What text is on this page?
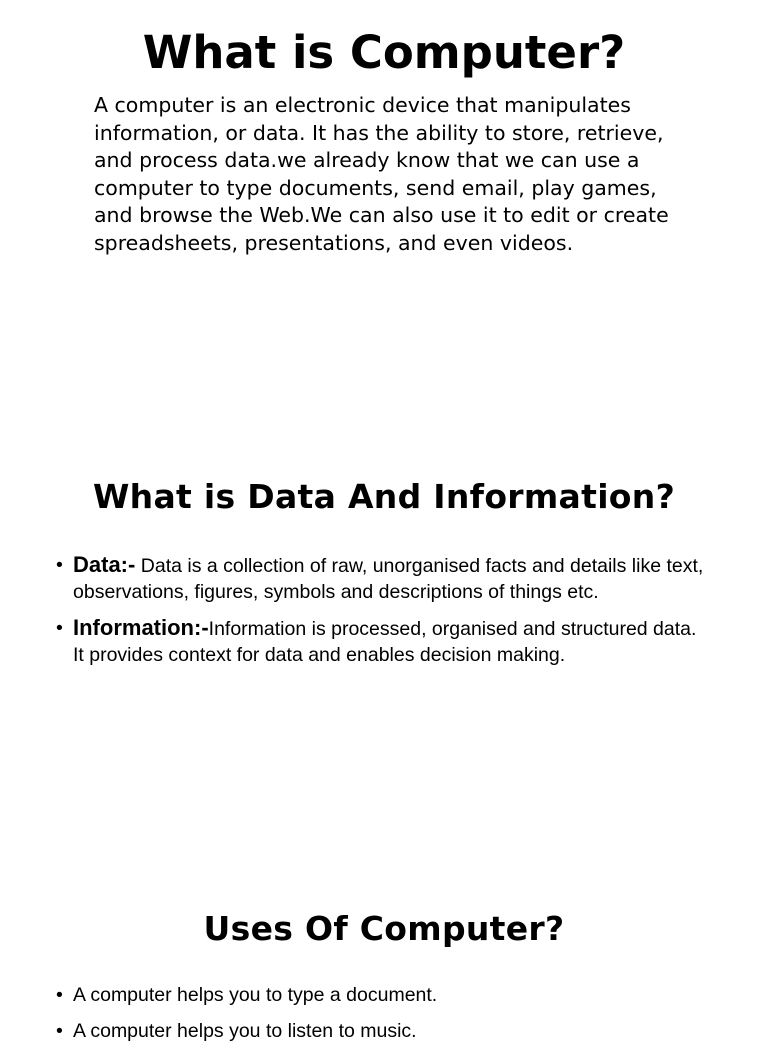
What is Computer?

A computer is an electronic device that manipulates information, or data. It has the ability to store, retrieve, and process data.we already know that we can use a computer to type documents, send email, play games, and browse the Web.We can also use it to edit or create spreadsheets, presentations, and even videos.

What is Data And Information?
• Data:- Data is a collection of raw, unorganised facts and details like text, observations, figures, symbols and descriptions of things etc.
• Information:-Information is processed, organised and structured data. It provides context for data and enables decision making.
Uses Of Computer?
• A computer helps you to type a document.
• A computer helps you to listen to music.
